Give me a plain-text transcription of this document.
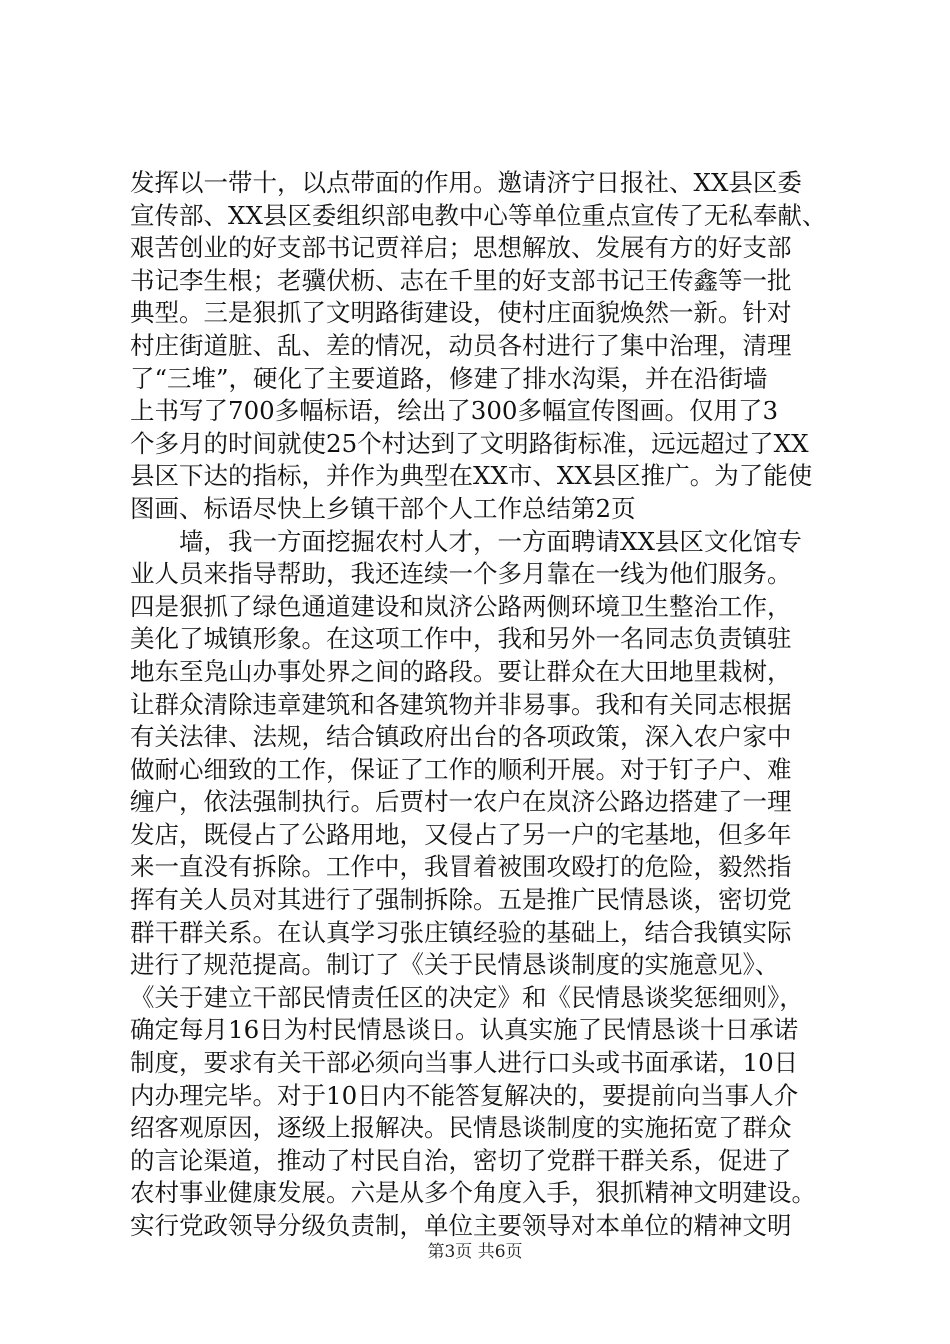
发挥以一带十，以点带面的作用。邀请济宁日报社、XX县区委
宣传部、XX县区委组织部电教中心等单位重点宣传了无私奉献、
艰苦创业的好支部书记贾祥启；思想解放、发展有方的好支部
书记李生根；老骥伏枥、志在千里的好支部书记王传鑫等一批
典型。三是狠抓了文明路街建设，使村庄面貌焕然一新。针对
村庄街道脏、乱、差的情况，动员各村进行了集中治理，清理
了“三堆”，硬化了主要道路，修建了排水沟渠，并在沿街墙
上书写了700多幅标语，绘出了300多幅宣传图画。仅用了3
个多月的时间就使25个村达到了文明路街标准，远远超过了XX
县区下达的指标，并作为典型在XX市、XX县区推广。为了能使
图画、标语尽快上乡镇干部个人工作总结第2页
　　墙，我一方面挖掘农村人才，一方面聘请XX县区文化馆专
业人员来指导帮助，我还连续一个多月靠在一线为他们服务。
四是狠抓了绿色通道建设和岚济公路两侧环境卫生整治工作，
美化了城镇形象。在这项工作中，我和另外一名同志负责镇驻
地东至凫山办事处界之间的路段。要让群众在大田地里栽树，
让群众清除违章建筑和各建筑物并非易事。我和有关同志根据
有关法律、法规，结合镇政府出台的各项政策，深入农户家中
做耐心细致的工作，保证了工作的顺利开展。对于钉子户、难
缠户，依法强制执行。后贾村一农户在岚济公路边搭建了一理
发店，既侵占了公路用地，又侵占了另一户的宅基地，但多年
来一直没有拆除。工作中，我冒着被围攻殴打的危险，毅然指
挥有关人员对其进行了强制拆除。五是推广民情恳谈，密切党
群干群关系。在认真学习张庄镇经验的基础上，结合我镇实际
进行了规范提高。制订了《关于民情恳谈制度的实施意见》、
《关于建立干部民情责任区的决定》和《民情恳谈奖惩细则》，
确定每月16日为村民情恳谈日。认真实施了民情恳谈十日承诺
制度，要求有关干部必须向当事人进行口头或书面承诺，10日
内办理完毕。对于10日内不能答复解决的，要提前向当事人介
绍客观原因，逐级上报解决。民情恳谈制度的实施拓宽了群众
的言论渠道，推动了村民自治，密切了党群干群关系，促进了
农村事业健康发展。六是从多个角度入手，狠抓精神文明建设。
实行党政领导分级负责制，单位主要领导对本单位的精神文明
第3页 共6页
